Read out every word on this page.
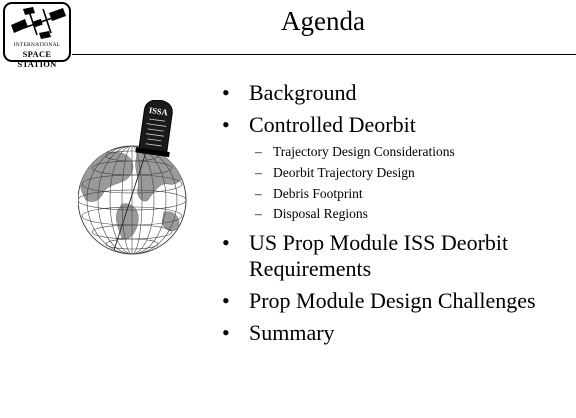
INTERNATIONAL
SPACE STATION
Agenda
ISSA
• Background
• Controlled Deorbit
– Trajectory Design Considerations
– Deorbit Trajectory Design
– Debris Footprint
– Disposal Regions
• US Prop Module ISS Deorbit Requirements
• Prop Module Design Challenges
• Summary
